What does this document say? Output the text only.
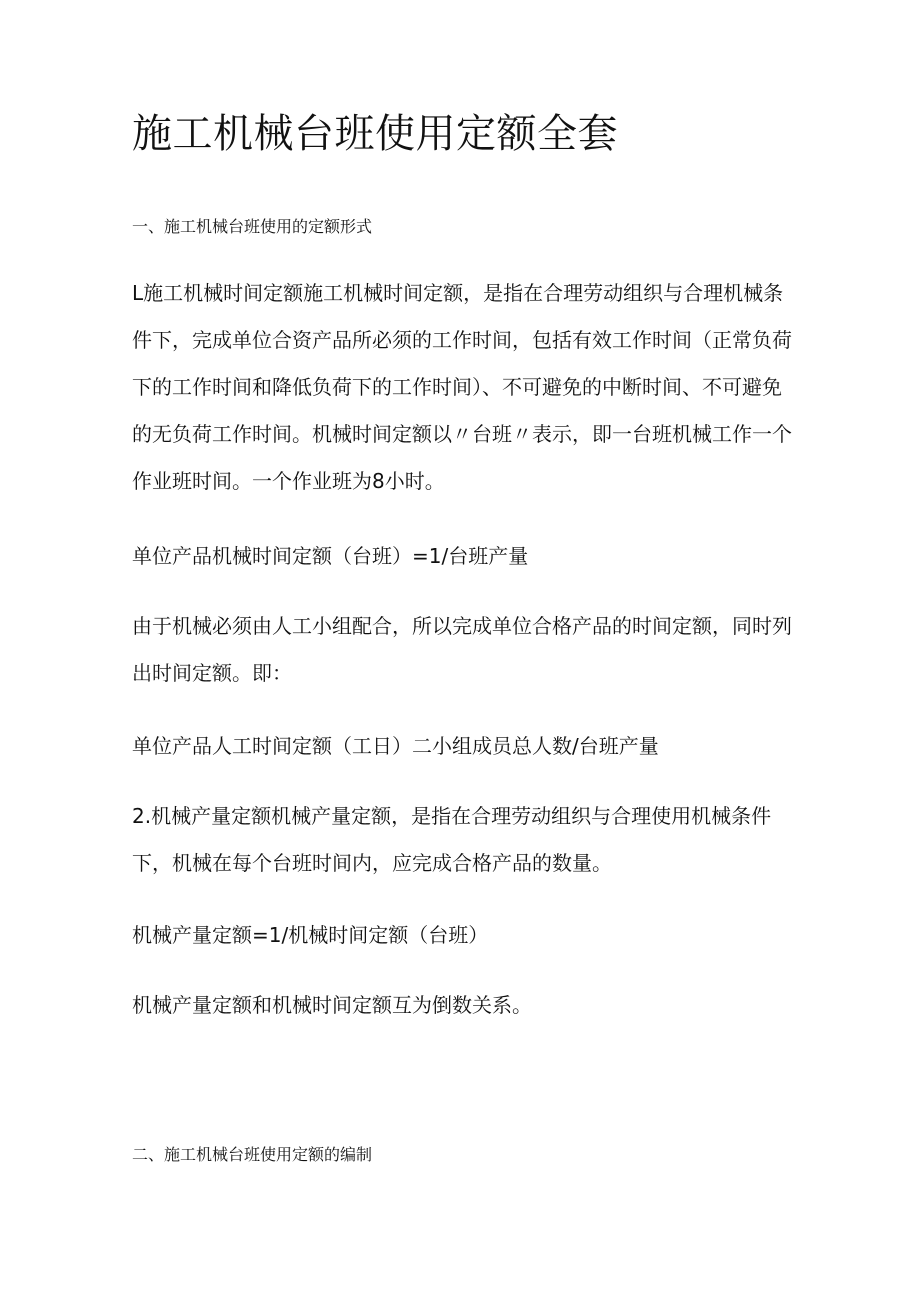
施工机械台班使用定额全套

一、施工机械台班使用的定额形式

L施工机械时间定额施工机械时间定额，是指在合理劳动组织与合理机械条件下，完成单位合资产品所必须的工作时间，包括有效工作时间（正常负荷下的工作时间和降低负荷下的工作时间）、不可避免的中断时间、不可避免的无负荷工作时间。机械时间定额以〃台班〃表示，即一台班机械工作一个作业班时间。一个作业班为8小时。

单位产品机械时间定额（台班）=1/台班产量

由于机械必须由人工小组配合，所以完成单位合格产品的时间定额，同时列出时间定额。即：

单位产品人工时间定额（工日）二小组成员总人数/台班产量

2.机械产量定额机械产量定额，是指在合理劳动组织与合理使用机械条件下，机械在每个台班时间内，应完成合格产品的数量。

机械产量定额=1/机械时间定额（台班）

机械产量定额和机械时间定额互为倒数关系。

二、施工机械台班使用定额的编制
